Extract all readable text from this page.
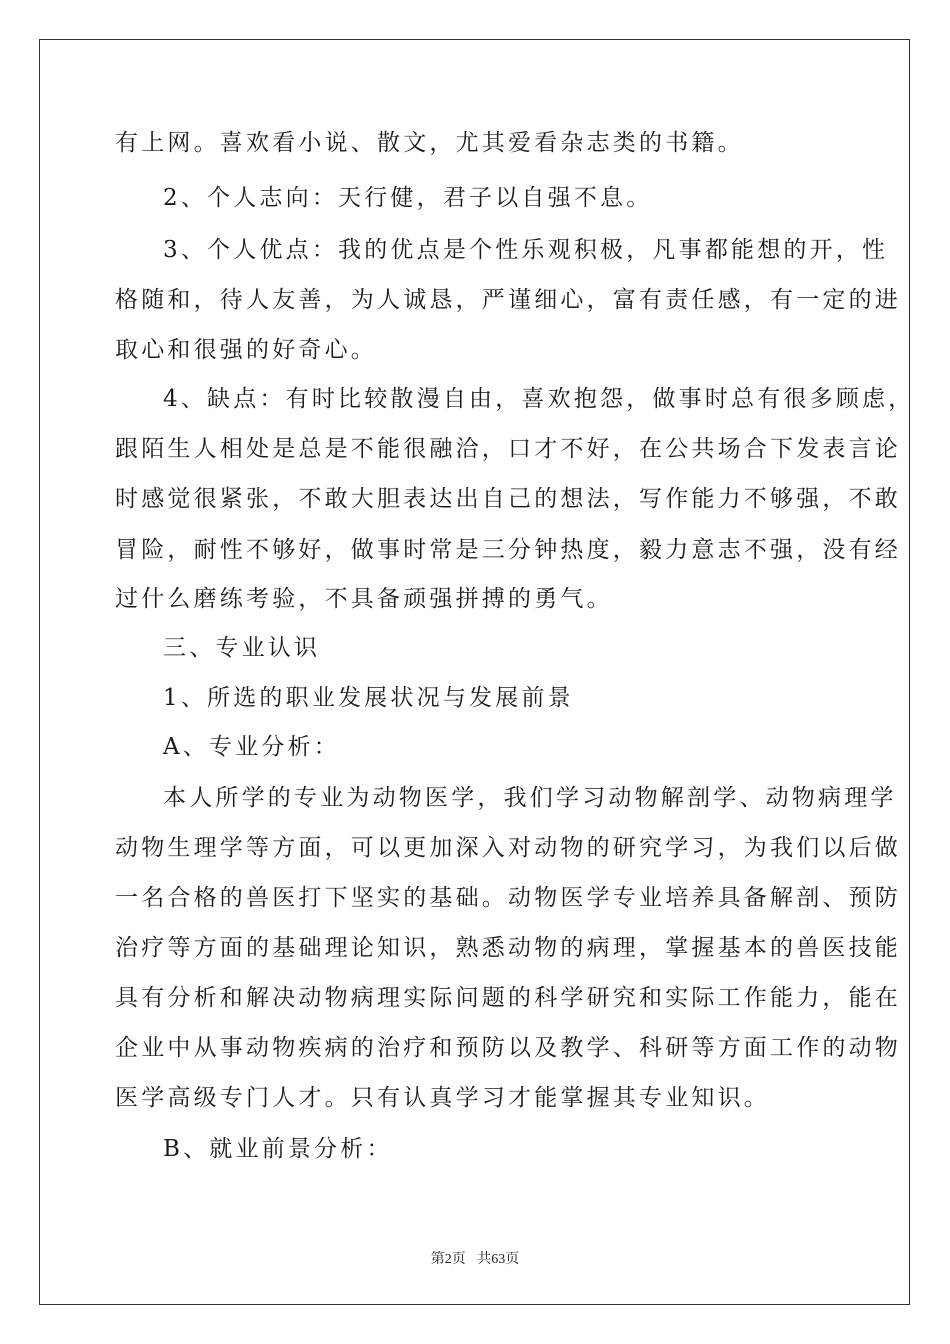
有上网。喜欢看小说、散文，尤其爱看杂志类的书籍。
2、个人志向：天行健，君子以自强不息。
3、个人优点：我的优点是个性乐观积极，凡事都能想的开，性
格随和，待人友善，为人诚恳，严谨细心，富有责任感，有一定的进
取心和很强的好奇心。
4、缺点：有时比较散漫自由，喜欢抱怨，做事时总有很多顾虑，
跟陌生人相处是总是不能很融洽，口才不好，在公共场合下发表言论
时感觉很紧张，不敢大胆表达出自己的想法，写作能力不够强，不敢
冒险，耐性不够好，做事时常是三分钟热度，毅力意志不强，没有经
过什么磨练考验，不具备顽强拼搏的勇气。
三、专业认识
1、所选的职业发展状况与发展前景
A、专业分析：
本人所学的专业为动物医学，我们学习动物解剖学、动物病理学
动物生理学等方面，可以更加深入对动物的研究学习，为我们以后做
一名合格的兽医打下坚实的基础。动物医学专业培养具备解剖、预防
治疗等方面的基础理论知识，熟悉动物的病理，掌握基本的兽医技能
具有分析和解决动物病理实际问题的科学研究和实际工作能力，能在
企业中从事动物疾病的治疗和预防以及教学、科研等方面工作的动物
医学高级专门人才。只有认真学习才能掌握其专业知识。
B、就业前景分析：
第2页 共63页
